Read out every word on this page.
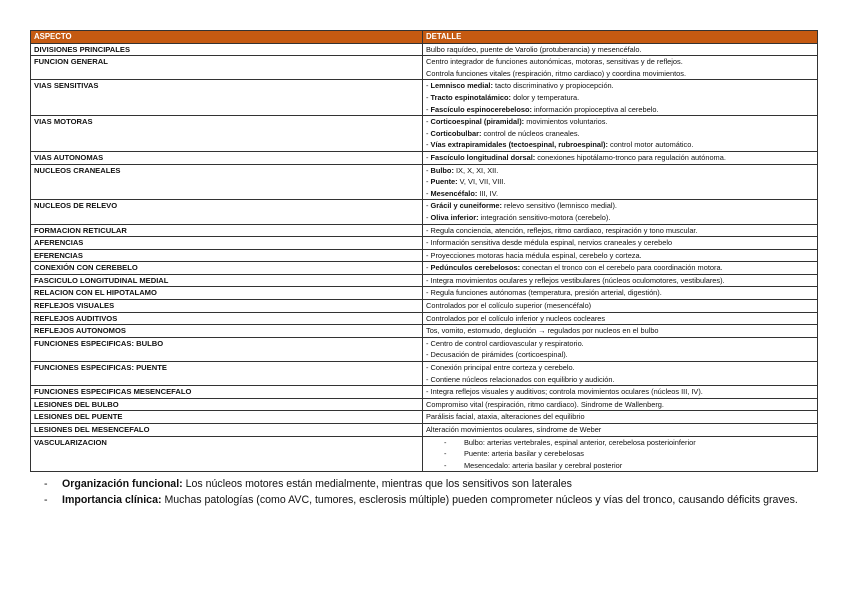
ASPECTO	DETALLE
DIVISIONES PRINCIPALES	Bulbo raquídeo, puente de Varolio (protuberancia) y mesencéfalo.

FUNCION GENERAL	Centro integrador de funciones autonómicas, motoras, sensitivas y de reflejos.
Controla funciones vitales (respiración, ritmo cardiaco) y coordina movimientos.

VIAS SENSITIVAS	- Lemnisco medial: tacto discriminativo y propiocepción.
- Tracto espinotalámico: dolor y temperatura.
- Fascículo espinocerebeloso: información propioceptiva al cerebelo.

VIAS MOTORAS	- Corticoespinal (piramidal): movimientos voluntarios.
- Corticobulbar: control de núcleos craneales.
- Vías extrapiramidales (tectoespinal, rubroespinal): control motor automático.

VIAS AUTONOMAS	- Fascículo longitudinal dorsal: conexiones hipotálamo-tronco para regulación autónoma.

NUCLEOS CRANEALES	- Bulbo: IX, X, XI, XII.
- Puente: V, VI, VII, VIII.
- Mesencéfalo: III, IV.

NUCLEOS DE RELEVO	- Grácil y cuneiforme: relevo sensitivo (lemnisco medial).
- Oliva inferior: integración sensitivo-motora (cerebelo).

FORMACION RETICULAR	- Regula conciencia, atención, reflejos, ritmo cardiaco, respiración y tono muscular.

AFERENCIAS	- Información sensitiva desde médula espinal, nervios craneales y cerebelo

EFERENCIAS	- Proyecciones motoras hacia médula espinal, cerebelo y corteza.

CONEXIÓN CON CEREBELO	- Pedúnculos cerebelosos: conectan el tronco con el cerebelo para coordinación motora.

FASCICULO LONGITUDINAL MEDIAL	- Integra movimientos oculares y reflejos vestibulares (núcleos oculomotores, vestibulares).

RELACION CON EL HIPOTALAMO	- Regula funciones autónomas (temperatura, presión arterial, digestión).

REFLEJOS VISUALES	Controlados por el colículo superior (mesencéfalo)

REFLEJOS AUDITIVOS	Controlados por el colículo inferior y nucleos cocleares

REFLEJOS AUTONOMOS	Tos, vomito, estornudo, deglución → regulados por nucleos en el bulbo

FUNCIONES ESPECIFICAS: BULBO	- Centro de control cardiovascular y respiratorio.
- Decusación de pirámides (corticoespinal).

FUNCIONES ESPECIFICAS: PUENTE	- Conexión principal entre corteza y cerebelo.
- Contiene núcleos relacionados con equilibrio y audición.

FUNCIONES ESPECIFICAS MESENCEFALO	- Integra reflejos visuales y auditivos; controla movimientos oculares (núcleos III, IV).

LESIONES DEL BULBO	Compromiso vital (respiración, ritmo cardiaco). Sindrome de Wallenberg.

LESIONES DEL PUENTE	Parálisis facial, ataxia, alteraciones del equilibrio

LESIONES DEL MESENCEFALO	Alteración movimientos oculares, síndrome de Weber

VASCULARIZACION	- Bulbo: arterias vertebrales, espinal anterior, cerebelosa posterioinferior
- Puente: arteria basilar y cerebelosas
- Mesencedalo: arteria basilar y cerebral posterior
- Organización funcional: Los núcleos motores están medialmente, mientras que los sensitivos son laterales
- Importancia clínica: Muchas patologías (como AVC, tumores, esclerosis múltiple) pueden comprometer núcleos y vías del tronco, causando déficits graves.
